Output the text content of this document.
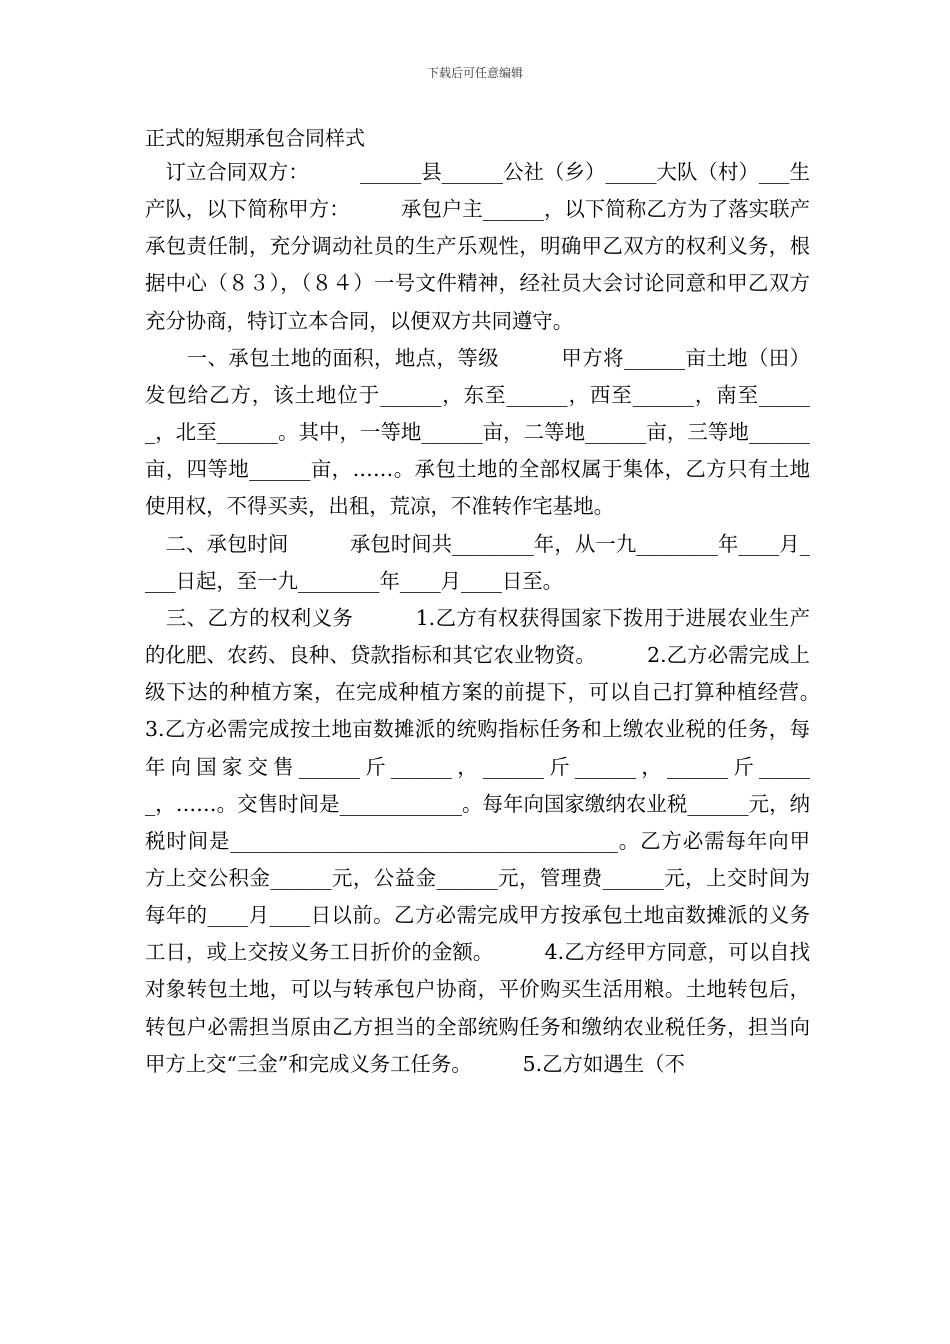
下载后可任意编辑
正式的短期承包合同样式

　订立合同双方：　　　______县______公社（乡）_____大队（村）___生产队，以下简称甲方：　　　承包户主______，以下简称乙方为了落实联产承包责任制，充分调动社员的生产乐观性，明确甲乙双方的权利义务，根据中心（８３），（８４）一号文件精神，经社员大会讨论同意和甲乙双方充分协商，特订立本合同，以便双方共同遵守。

　　一、承包土地的面积，地点，等级　　　甲方将______亩土地（田）发包给乙方，该土地位于______，东至______，西至______，南至______，北至______。其中，一等地______亩，二等地______亩，三等地______亩，四等地______亩，……。承包土地的全部权属于集体，乙方只有土地使用权，不得买卖，出租，荒凉，不准转作宅基地。

　二、承包时间　　　承包时间共________年，从一九________年____月____日起，至一九________年____月____日至。

　三、乙方的权利义务　　　1.乙方有权获得国家下拨用于进展农业生产的化肥、农药、良种、贷款指标和其它农业物资。　　　2.乙方必需完成上级下达的种植方案，在完成种植方案的前提下，可以自己打算种植经营。　　　3.乙方必需完成按土地亩数摊派的统购指标任务和上缴农业税的任务，每年向国家交售______斤______，______斤______，______斤______，……。交售时间是____________。每年向国家缴纳农业税______元，纳税时间是______________________________________。乙方必需每年向甲方上交公积金______元，公益金______元，管理费______元，上交时间为每年的____月____日以前。乙方必需完成甲方按承包土地亩数摊派的义务工日，或上交按义务工日折价的金额。　　　4.乙方经甲方同意，可以自找对象转包土地，可以与转承包户协商，平价购买生活用粮。土地转包后，转包户必需担当原由乙方担当的全部统购任务和缴纳农业税任务，担当向甲方上交“三金”和完成义务工任务。　　　5.乙方如遇生（不
